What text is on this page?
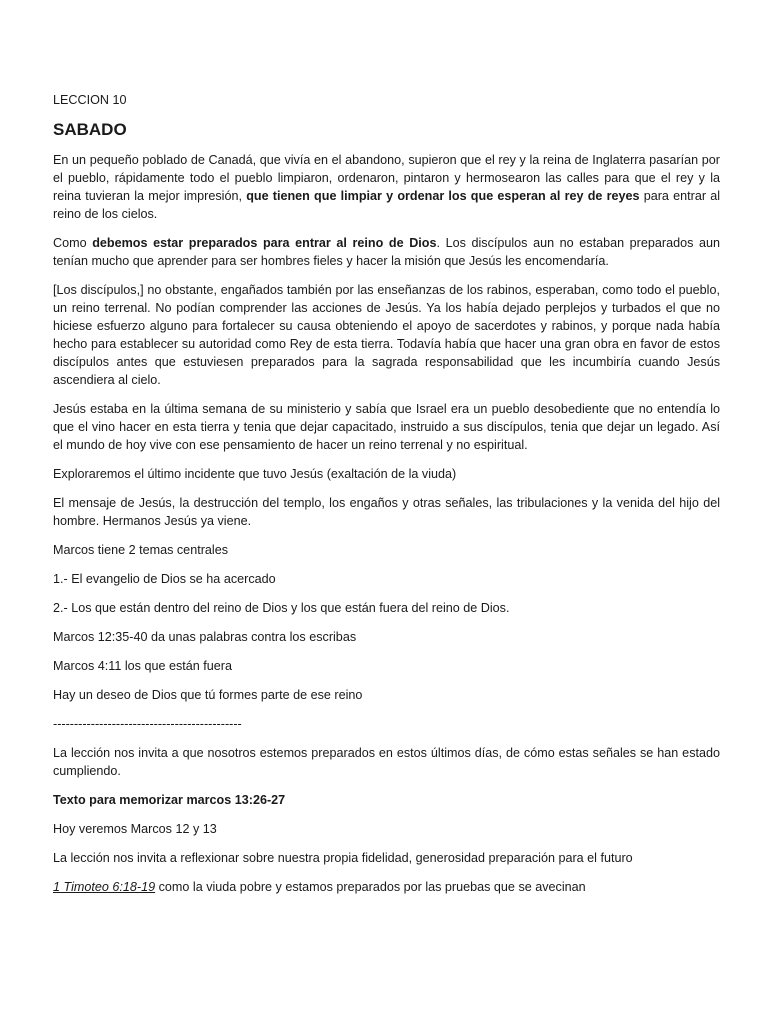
LECCION 10
SABADO

En un pequeño poblado de Canadá, que vivía en el abandono, supieron que el rey y la reina de Inglaterra pasarían por el pueblo, rápidamente todo el pueblo limpiaron, ordenaron, pintaron y hermosearon las calles para que el rey y la reina tuvieran la mejor impresión, que tienen que limpiar y ordenar los que esperan al rey de reyes para entrar al reino de los cielos.

Como debemos estar preparados para entrar al reino de Dios. Los discípulos aun no estaban preparados aun tenían mucho que aprender para ser hombres fieles y hacer la misión que Jesús les encomendaría.

[Los discípulos,] no obstante, engañados también por las enseñanzas de los rabinos, esperaban, como todo el pueblo, un reino terrenal. No podían comprender las acciones de Jesús. Ya los había dejado perplejos y turbados el que no hiciese esfuerzo alguno para fortalecer su causa obteniendo el apoyo de sacerdotes y rabinos, y porque nada había hecho para establecer su autoridad como Rey de esta tierra. Todavía había que hacer una gran obra en favor de estos discípulos antes que estuviesen preparados para la sagrada responsabilidad que les incumbiría cuando Jesús ascendiera al cielo.

Jesús estaba en la última semana de su ministerio y sabía que Israel era un pueblo desobediente que no entendía lo que el vino hacer en esta tierra y tenia que dejar capacitado, instruido a sus discípulos, tenia que dejar un legado. Así el mundo de hoy vive con ese pensamiento de hacer un reino terrenal y no espiritual.

Exploraremos el último incidente que tuvo Jesús (exaltación de la viuda)

El mensaje de Jesús, la destrucción del templo, los engaños y otras señales, las tribulaciones y la venida del hijo del hombre. Hermanos Jesús ya viene.

Marcos tiene 2 temas centrales

1.- El evangelio de Dios se ha acercado

2.- Los que están dentro del reino de Dios y los que están fuera del reino de Dios.

Marcos 12:35-40 da unas palabras contra los escribas

Marcos 4:11 los que están fuera

Hay un deseo de Dios que tú formes parte de ese reino

---------------------------------------------

La lección nos invita a que nosotros estemos preparados en estos últimos días, de cómo estas señales se han estado cumpliendo.

Texto para memorizar marcos 13:26-27

Hoy veremos Marcos 12 y 13

La lección nos invita a reflexionar sobre nuestra propia fidelidad, generosidad preparación para el futuro

1 Timoteo 6:18-19 como la viuda pobre y estamos preparados por las pruebas que se avecinan
